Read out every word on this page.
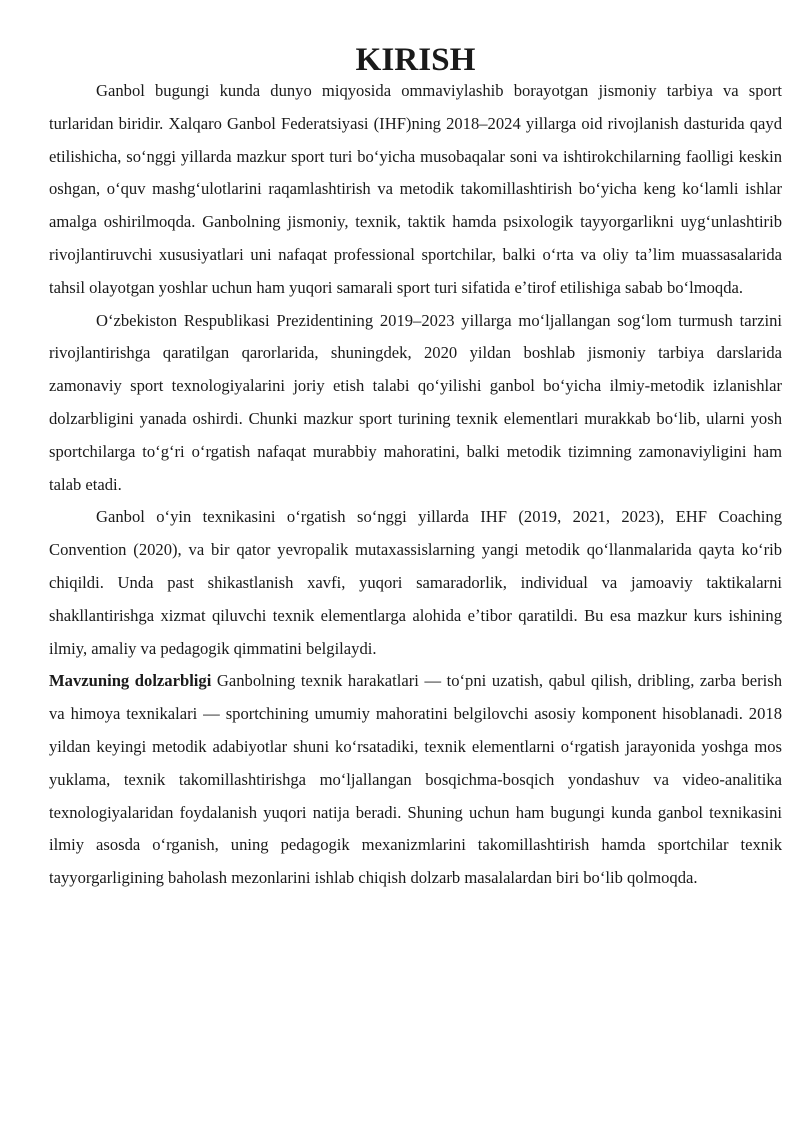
KIRISH

Ganbol bugungi kunda dunyo miqyosida ommaviylashib borayotgan jismoniy tarbiya va sport turlaridan biridir. Xalqaro Ganbol Federatsiyasi (IHF)ning 2018–2024 yillarga oid rivojlanish dasturida qayd etilishicha, soʻnggi yillarda mazkur sport turi boʻyicha musobaqalar soni va ishtirokchilarning faolligi keskin oshgan, oʻquv mashgʻulotlarini raqamlashtirish va metodik takomillashtirish boʻyicha keng koʻlamli ishlar amalga oshirilmoqda. Ganbolning jismoniy, texnik, taktik hamda psixologik tayyorgarlikni uygʻunlashtirib rivojlantiruvchi xususiyatlari uni nafaqat professional sportchilar, balki oʻrta va oliy taʼlim muassasalarida tahsil olayotgan yoshlar uchun ham yuqori samarali sport turi sifatida eʼtirof etilishiga sabab boʻlmoqda.

Oʻzbekiston Respublikasi Prezidentining 2019–2023 yillarga moʻljallangan sogʻlom turmush tarzini rivojlantirishga qaratilgan qarorlarida, shuningdek, 2020 yildan boshlab jismoniy tarbiya darslarida zamonaviy sport texnologiyalarini joriy etish talabi qoʻyilishi ganbol boʻyicha ilmiy-metodik izlanishlar dolzarbligini yanada oshirdi. Chunki mazkur sport turining texnik elementlari murakkab boʻlib, ularni yosh sportchilarga toʻgʻri oʻrgatish nafaqat murabbiy mahoratini, balki metodik tizimning zamonaviyligini ham talab etadi.

Ganbol oʻyin texnikasini oʻrgatish soʻnggi yillarda IHF (2019, 2021, 2023), EHF Coaching Convention (2020), va bir qator yevropalik mutaxassislarning yangi metodik qoʻllanmalarida qayta koʻrib chiqildi. Unda past shikastlanish xavfi, yuqori samaradorlik, individual va jamoaviy taktikalarni shakllantirishga xizmat qiluvchi texnik elementlarga alohida eʼtibor qaratildi. Bu esa mazkur kurs ishining ilmiy, amaliy va pedagogik qimmatini belgilaydi.

Mavzuning dolzarbligi Ganbolning texnik harakatlari — toʻpni uzatish, qabul qilish, dribling, zarba berish va himoya texnikalari — sportchining umumiy mahoratini belgilovchi asosiy komponent hisoblanadi. 2018 yildan keyingi metodik adabiyotlar shuni koʻrsatadiki, texnik elementlarni oʻrgatish jarayonida yoshga mos yuklama, texnik takomillashtirishga moʻljallangan bosqichma-bosqich yondashuv va video-analitika texnologiyalaridan foydalanish yuqori natija beradi. Shuning uchun ham bugungi kunda ganbol texnikasini ilmiy asosda oʻrganish, uning pedagogik mexanizmlarini takomillashtirish hamda sportchilar texnik tayyorgarligining baholash mezonlarini ishlab chiqish dolzarb masalalardan biri boʻlib qolmoqda.
